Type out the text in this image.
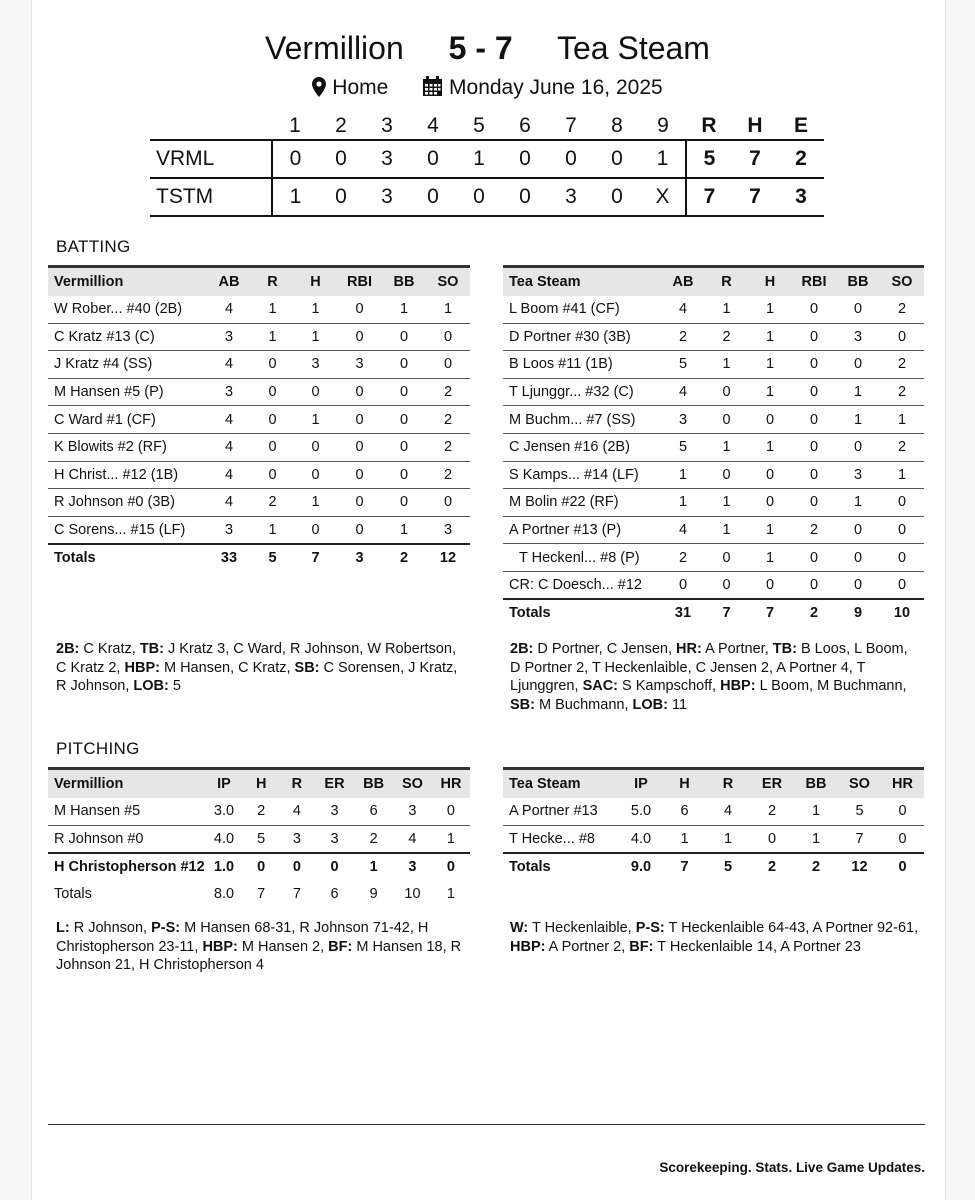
Vermillion 5 - 7 Tea Steam
Home	Monday June 16, 2025
	1	2	3	4	5	6	7	8	9	R	H	E
VRML	0	0	3	0	1	0	0	0	1	5	7	2
TSTM	1	0	3	0	0	0	3	0	X	7	7	3
BATTING
Vermillion	AB	R	H	RBI	BB	SO
W Rober... #40 (2B)	4	1	1	0	1	1
C Kratz #13 (C)	3	1	1	0	0	0
J Kratz #4 (SS)	4	0	3	3	0	0
M Hansen #5 (P)	3	0	0	0	0	2
C Ward #1 (CF)	4	0	1	0	0	2
K Blowits #2 (RF)	4	0	0	0	0	2
H Christ... #12 (1B)	4	0	0	0	0	2
R Johnson #0 (3B)	4	2	1	0	0	0
C Sorens... #15 (LF)	3	1	0	0	1	3
Totals	33	5	7	3	2	12
Tea Steam	AB	R	H	RBI	BB	SO
L Boom #41 (CF)	4	1	1	0	0	2
D Portner #30 (3B)	2	2	1	0	3	0
B Loos #11 (1B)	5	1	1	0	0	2
T Ljunggr... #32 (C)	4	0	1	0	1	2
M Buchm... #7 (SS)	3	0	0	0	1	1
C Jensen #16 (2B)	5	1	1	0	0	2
S Kamps... #14 (LF)	1	0	0	0	3	1
M Bolin #22 (RF)	1	1	0	0	1	0
A Portner #13 (P)	4	1	1	2	0	0
T Heckenl... #8 (P)	2	0	1	0	0	0
CR: C Doesch... #12	0	0	0	0	0	0
Totals	31	7	7	2	9	10
2B: C Kratz, TB: J Kratz 3, C Ward, R Johnson, W Robertson, C Kratz 2, HBP: M Hansen, C Kratz, SB: C Sorensen, J Kratz, R Johnson, LOB: 5
2B: D Portner, C Jensen, HR: A Portner, TB: B Loos, L Boom, D Portner 2, T Heckenlaible, C Jensen 2, A Portner 4, T Ljunggren, SAC: S Kampschoff, HBP: L Boom, M Buchmann, SB: M Buchmann, LOB: 11
PITCHING
Vermillion	IP	H	R	ER	BB	SO	HR
M Hansen #5	3.0	2	4	3	6	3	0
R Johnson #0	4.0	5	3	3	2	4	1
H Christopherson #12	1.0	0	0	0	1	3	0
Totals	8.0	7	7	6	9	10	1
Tea Steam	IP	H	R	ER	BB	SO	HR
A Portner #13	5.0	6	4	2	1	5	0
T Hecke... #8	4.0	1	1	0	1	7	0
Totals	9.0	7	5	2	2	12	0
L: R Johnson, P-S: M Hansen 68-31, R Johnson 71-42, H Christopherson 23-11, HBP: M Hansen 2, BF: M Hansen 18, R Johnson 21, H Christopherson 4
W: T Heckenlaible, P-S: T Heckenlaible 64-43, A Portner 92-61, HBP: A Portner 2, BF: T Heckenlaible 14, A Portner 23
Scorekeeping. Stats. Live Game Updates.
